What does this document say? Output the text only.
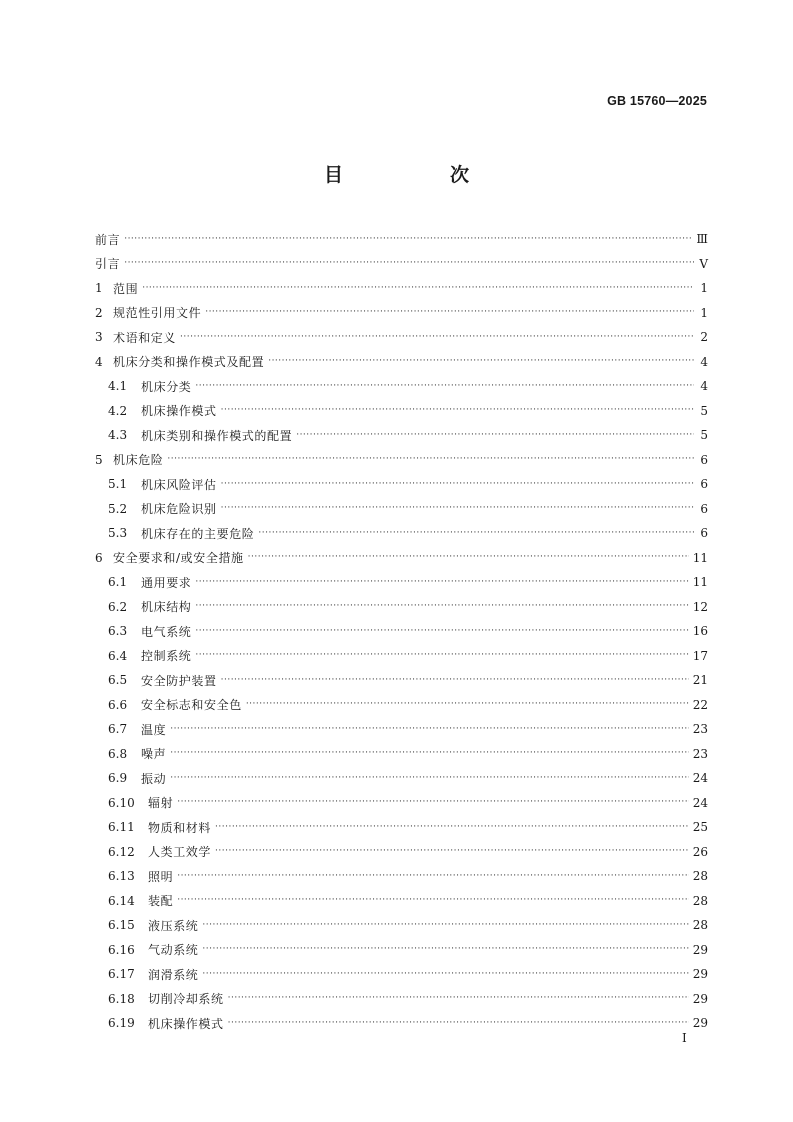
GB 15760—2025
目　次
前言 ·····	Ⅲ
引言 ·····	Ⅴ
1 范围 ·····	1
2 规范性引用文件 ·····	1
3 术语和定义 ·····	2
4 机床分类和操作模式及配置 ·····	4
4.1	机床分类 ·····	4
4.2	机床操作模式 ·····	5
4.3	机床类别和操作模式的配置 ·····	5
5 机床危险 ·····	6
5.1	机床风险评估 ·····	6
5.2	机床危险识别 ·····	6
5.3	机床存在的主要危险 ·····	6
6 安全要求和/或安全措施 ·····	11
6.1	通用要求 ·····	11
6.2	机床结构 ·····	12
6.3	电气系统 ·····	16
6.4	控制系统 ·····	17
6.5	安全防护装置 ·····	21
6.6	安全标志和安全色 ·····	22
6.7	温度 ·····	23
6.8	噪声 ·····	23
6.9	振动 ·····	24
6.10	辐射 ·····	24
6.11	物质和材料 ·····	25
6.12	人类工效学 ·····	26
6.13	照明 ·····	28
6.14	装配 ·····	28
6.15	液压系统 ·····	28
6.16	气动系统 ·····	29
6.17	润滑系统 ·····	29
6.18	切削冷却系统 ·····	29
6.19	机床操作模式 ·····	29
Ⅰ
